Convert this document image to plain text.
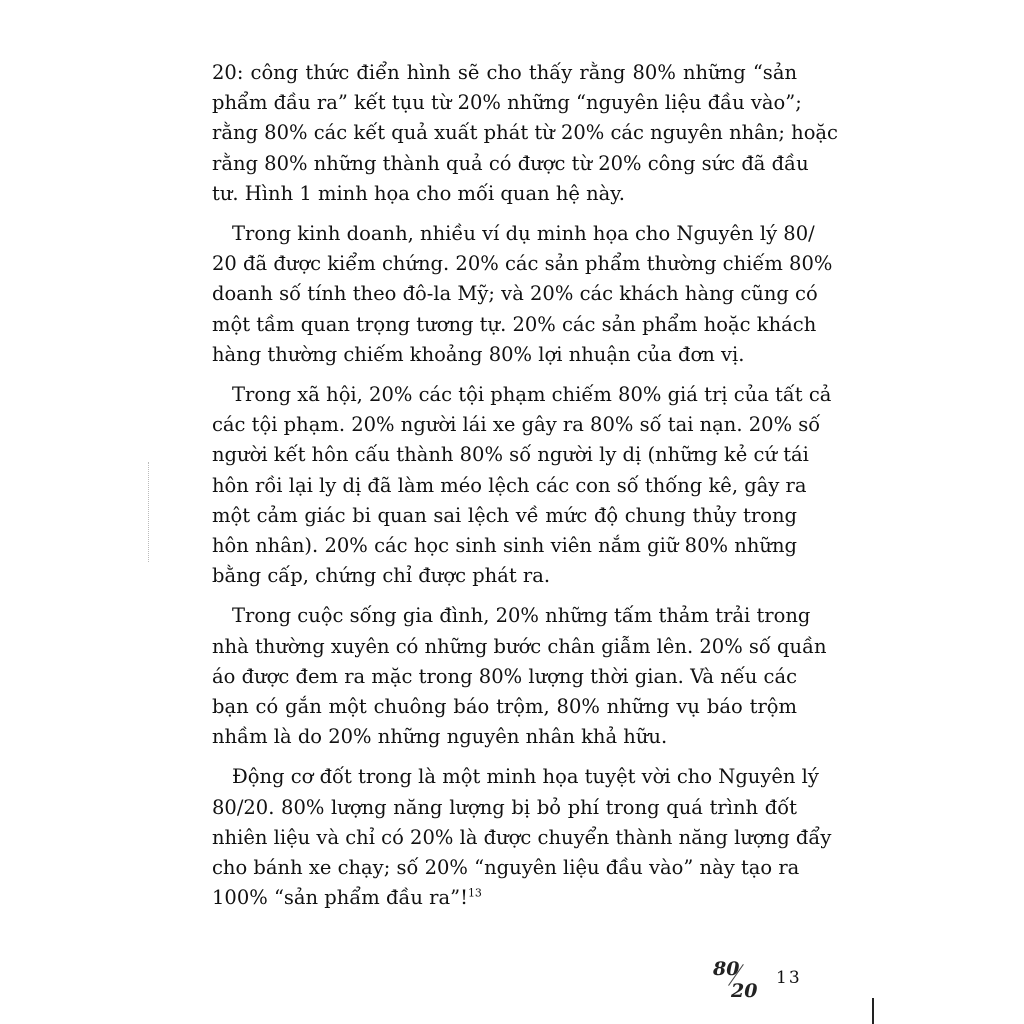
20: công thức điển hình sẽ cho thấy rằng 80% những “sản
phẩm đầu ra” kết tụu từ 20% những “nguyên liệu đầu vào”;
rằng 80% các kết quả xuất phát từ 20% các nguyên nhân; hoặc
rằng 80% những thành quả có được từ 20% công sức đã đầu
tư. Hình 1 minh họa cho mối quan hệ này.

Trong kinh doanh, nhiều ví dụ minh họa cho Nguyên lý 80/
20 đã được kiểm chứng. 20% các sản phẩm thường chiếm 80%
doanh số tính theo đô-la Mỹ; và 20% các khách hàng cũng có
một tầm quan trọng tương tự. 20% các sản phẩm hoặc khách
hàng thường chiếm khoảng 80% lợi nhuận của đơn vị.

Trong xã hội, 20% các tội phạm chiếm 80% giá trị của tất cả
các tội phạm. 20% người lái xe gây ra 80% số tai nạn. 20% số
người kết hôn cấu thành 80% số người ly dị (những kẻ cứ tái
hôn rồi lại ly dị đã làm méo lệch các con số thống kê, gây ra
một cảm giác bi quan sai lệch về mức độ chung thủy trong
hôn nhân). 20% các học sinh sinh viên nắm giữ 80% những
bằng cấp, chứng chỉ được phát ra.

Trong cuộc sống gia đình, 20% những tấm thảm trải trong
nhà thường xuyên có những bước chân giẫm lên. 20% số quần
áo được đem ra mặc trong 80% lượng thời gian. Và nếu các
bạn có gắn một chuông báo trộm, 80% những vụ báo trộm
nhầm là do 20% những nguyên nhân khả hữu.

Động cơ đốt trong là một minh họa tuyệt vời cho Nguyên lý
80/20. 80% lượng năng lượng bị bỏ phí trong quá trình đốt
nhiên liệu và chỉ có 20% là được chuyển thành năng lượng đẩy
cho bánh xe chạy; số 20% “nguyên liệu đầu vào” này tạo ra
100% “sản phẩm đầu ra”!$^{13}$

80
20
13
